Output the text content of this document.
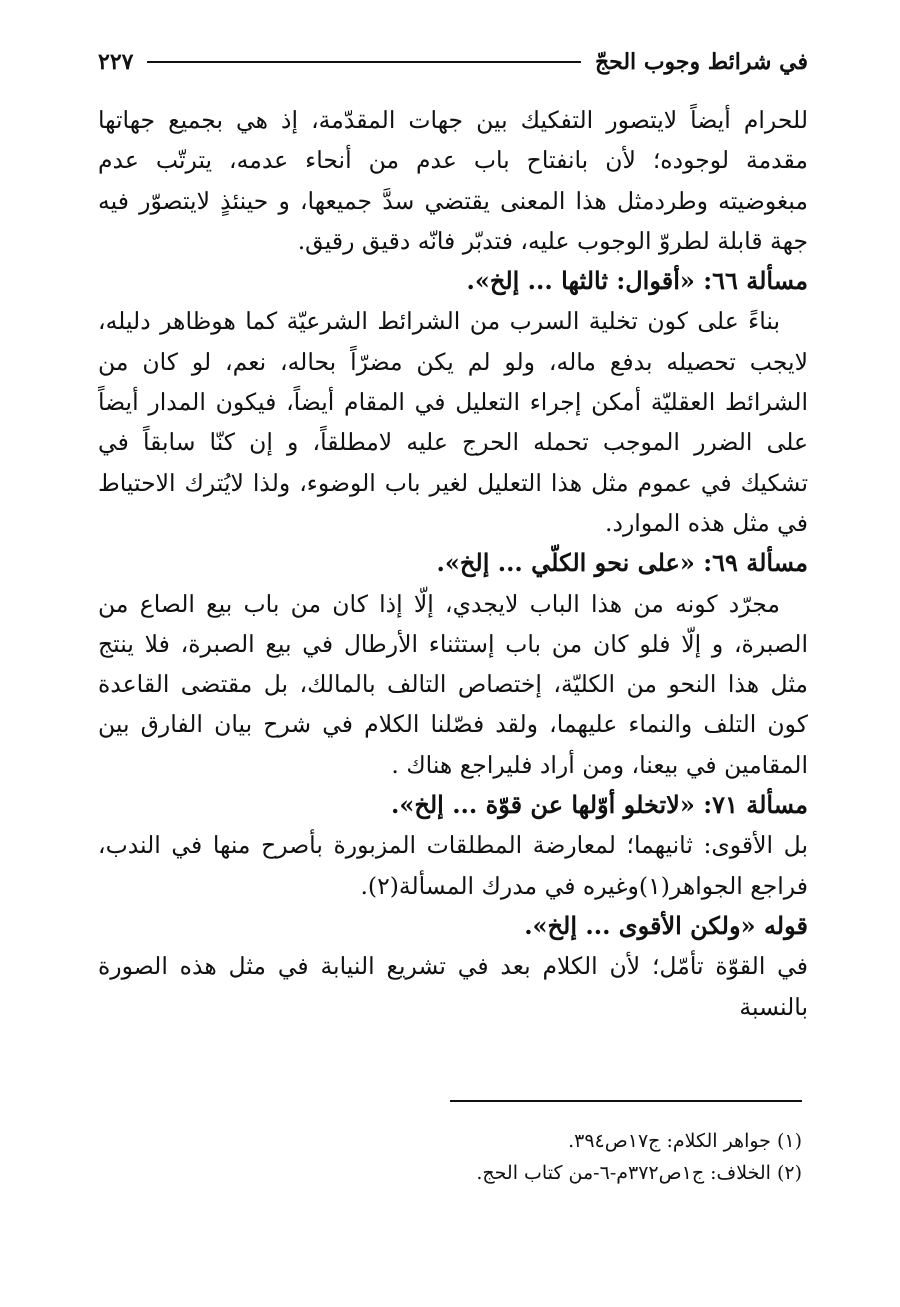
في شرائط وجوب الحجّ
٢٢٧

للحرام أيضاً لايتصور التفكيك بين جهات المقدّمة، إذ هي بجميع جهاتها مقدمة لوجوده؛ لأن بانفتاح باب عدم من أنحاء عدمه، يترتّب عدم مبغوضيته وطردمثل هذا المعنى يقتضي سدَّ جميعها، و حينئذٍ لايتصوّر فيه جهة قابلة لطروّ الوجوب عليه، فتدبّر فانّه دقيق رقيق.

مسألة ٦٦: «أقوال: ثالثها ... إلخ».

بناءً على كون تخلية السرب من الشرائط الشرعيّة كما هوظاهر دليله، لايجب تحصيله بدفع ماله، ولو لم يكن مضرّاً بحاله، نعم، لو كان من الشرائط العقليّة أمكن إجراء التعليل في المقام أيضاً، فيكون المدار أيضاً على الضرر الموجب تحمله الحرج عليه لامطلقاً، و إن كنّا سابقاً في تشكيك في عموم مثل هذا التعليل لغير باب الوضوء، ولذا لايُترك الاحتياط في مثل هذه الموارد.

مسألة ٦٩: «على نحو الكلّي ... إلخ».

مجرّد كونه من هذا الباب لايجدي، إلّا إذا كان من باب بيع الصاع من الصبرة، و إلّا فلو كان من باب إستثناء الأرطال في بيع الصبرة، فلا ينتج مثل هذا النحو من الكليّة، إختصاص التالف بالمالك، بل مقتضى القاعدة كون التلف والنماء عليهما، ولقد فصّلنا الكلام في شرح بيان الفارق بين المقامين في بيعنا، ومن أراد فليراجع هناك .

مسألة ٧١: «لاتخلو أوّلها عن قوّة ... إلخ».

بل الأقوى: ثانيهما؛ لمعارضة المطلقات المزبورة بأصرح منها في الندب، فراجع الجواهر(١)وغيره في مدرك المسألة(٢).

قوله «ولكن الأقوى ... إلخ».

في القوّة تأمّل؛ لأن الكلام بعد في تشريع النيابة في مثل هذه الصورة بالنسبة

(١) جواهر الكلام: ج١٧ص٣٩٤.

(٢) الخلاف: ج١ص٣٧٢م-٦-من كتاب الحج.
